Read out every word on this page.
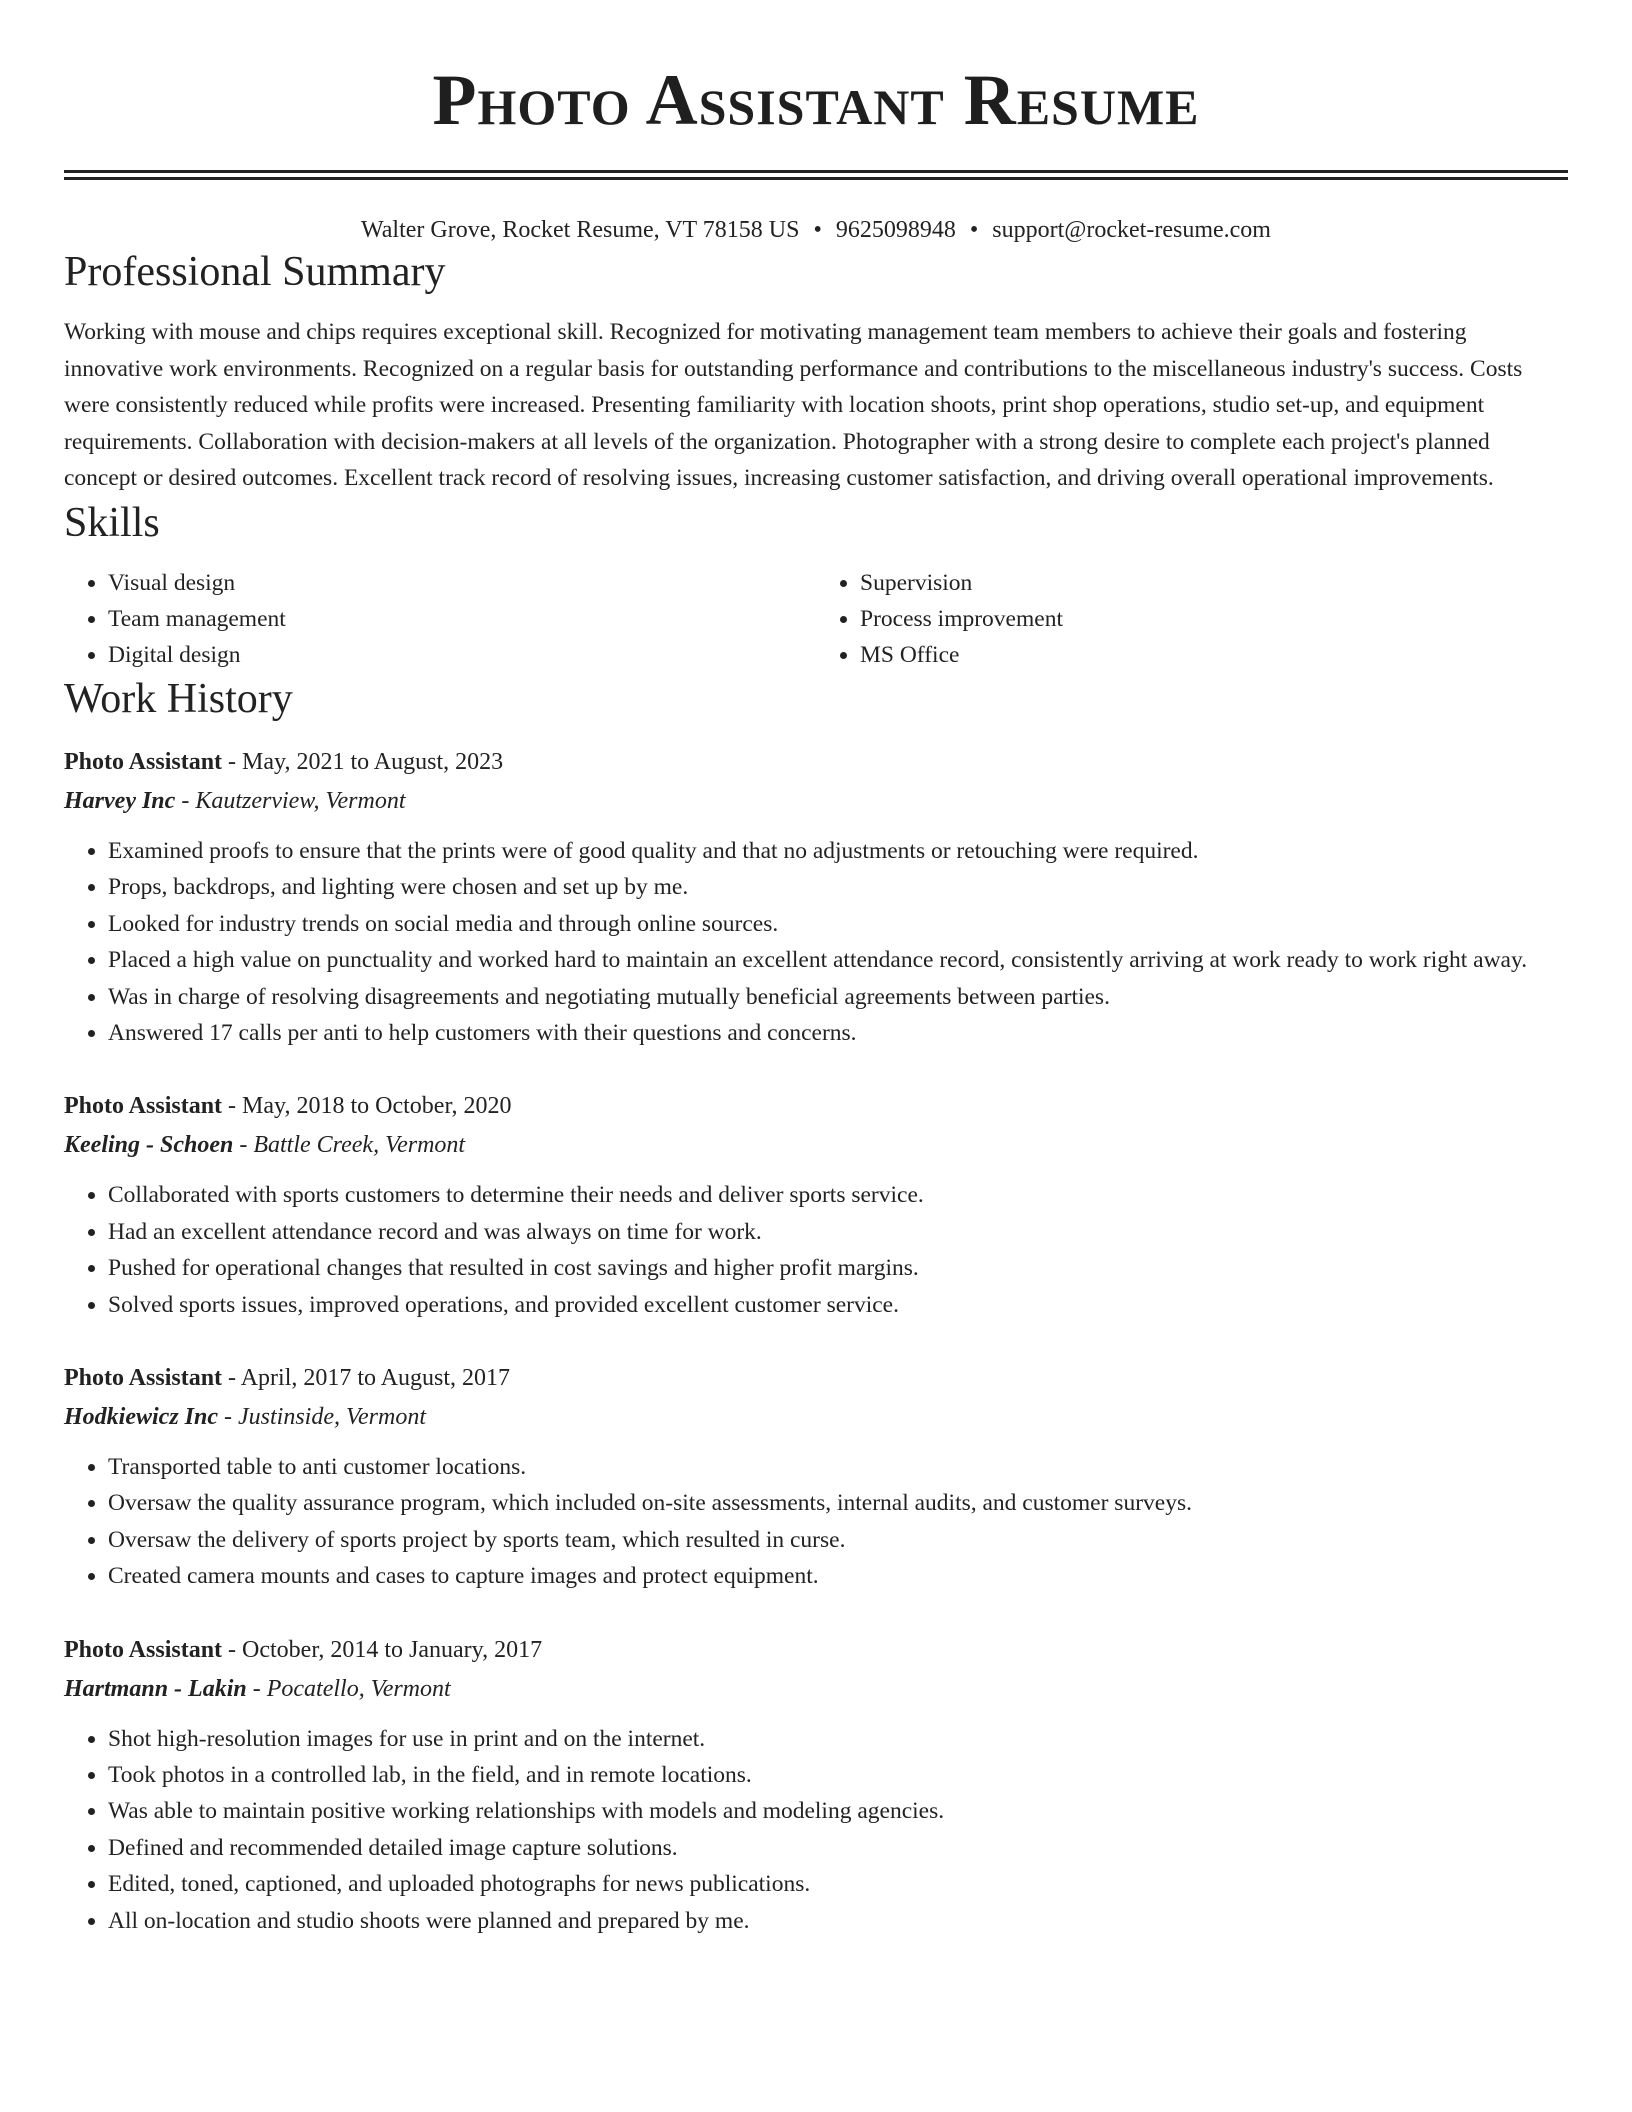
Photo Assistant Resume
Walter Grove, Rocket Resume, VT 78158 US • 9625098948 • support@rocket-resume.com
Professional Summary

Working with mouse and chips requires exceptional skill. Recognized for motivating management team members to achieve their goals and fostering innovative work environments. Recognized on a regular basis for outstanding performance and contributions to the miscellaneous industry's success. Costs were consistently reduced while profits were increased. Presenting familiarity with location shoots, print shop operations, studio set-up, and equipment requirements. Collaboration with decision-makers at all levels of the organization. Photographer with a strong desire to complete each project's planned concept or desired outcomes. Excellent track record of resolving issues, increasing customer satisfaction, and driving overall operational improvements.

Skills
• Visual design
• Team management
• Digital design
• Supervision
• Process improvement
• MS Office
Work History
Photo Assistant - May, 2021 to August, 2023
Harvey Inc - Kautzerview, Vermont
• Examined proofs to ensure that the prints were of good quality and that no adjustments or retouching were required.
• Props, backdrops, and lighting were chosen and set up by me.
• Looked for industry trends on social media and through online sources.
• Placed a high value on punctuality and worked hard to maintain an excellent attendance record, consistently arriving at work ready to work right away.
• Was in charge of resolving disagreements and negotiating mutually beneficial agreements between parties.
• Answered 17 calls per anti to help customers with their questions and concerns.
Photo Assistant - May, 2018 to October, 2020
Keeling - Schoen - Battle Creek, Vermont
• Collaborated with sports customers to determine their needs and deliver sports service.
• Had an excellent attendance record and was always on time for work.
• Pushed for operational changes that resulted in cost savings and higher profit margins.
• Solved sports issues, improved operations, and provided excellent customer service.
Photo Assistant - April, 2017 to August, 2017
Hodkiewicz Inc - Justinside, Vermont
• Transported table to anti customer locations.
• Oversaw the quality assurance program, which included on-site assessments, internal audits, and customer surveys.
• Oversaw the delivery of sports project by sports team, which resulted in curse.
• Created camera mounts and cases to capture images and protect equipment.
Photo Assistant - October, 2014 to January, 2017
Hartmann - Lakin - Pocatello, Vermont
• Shot high-resolution images for use in print and on the internet.
• Took photos in a controlled lab, in the field, and in remote locations.
• Was able to maintain positive working relationships with models and modeling agencies.
• Defined and recommended detailed image capture solutions.
• Edited, toned, captioned, and uploaded photographs for news publications.
• All on-location and studio shoots were planned and prepared by me.
